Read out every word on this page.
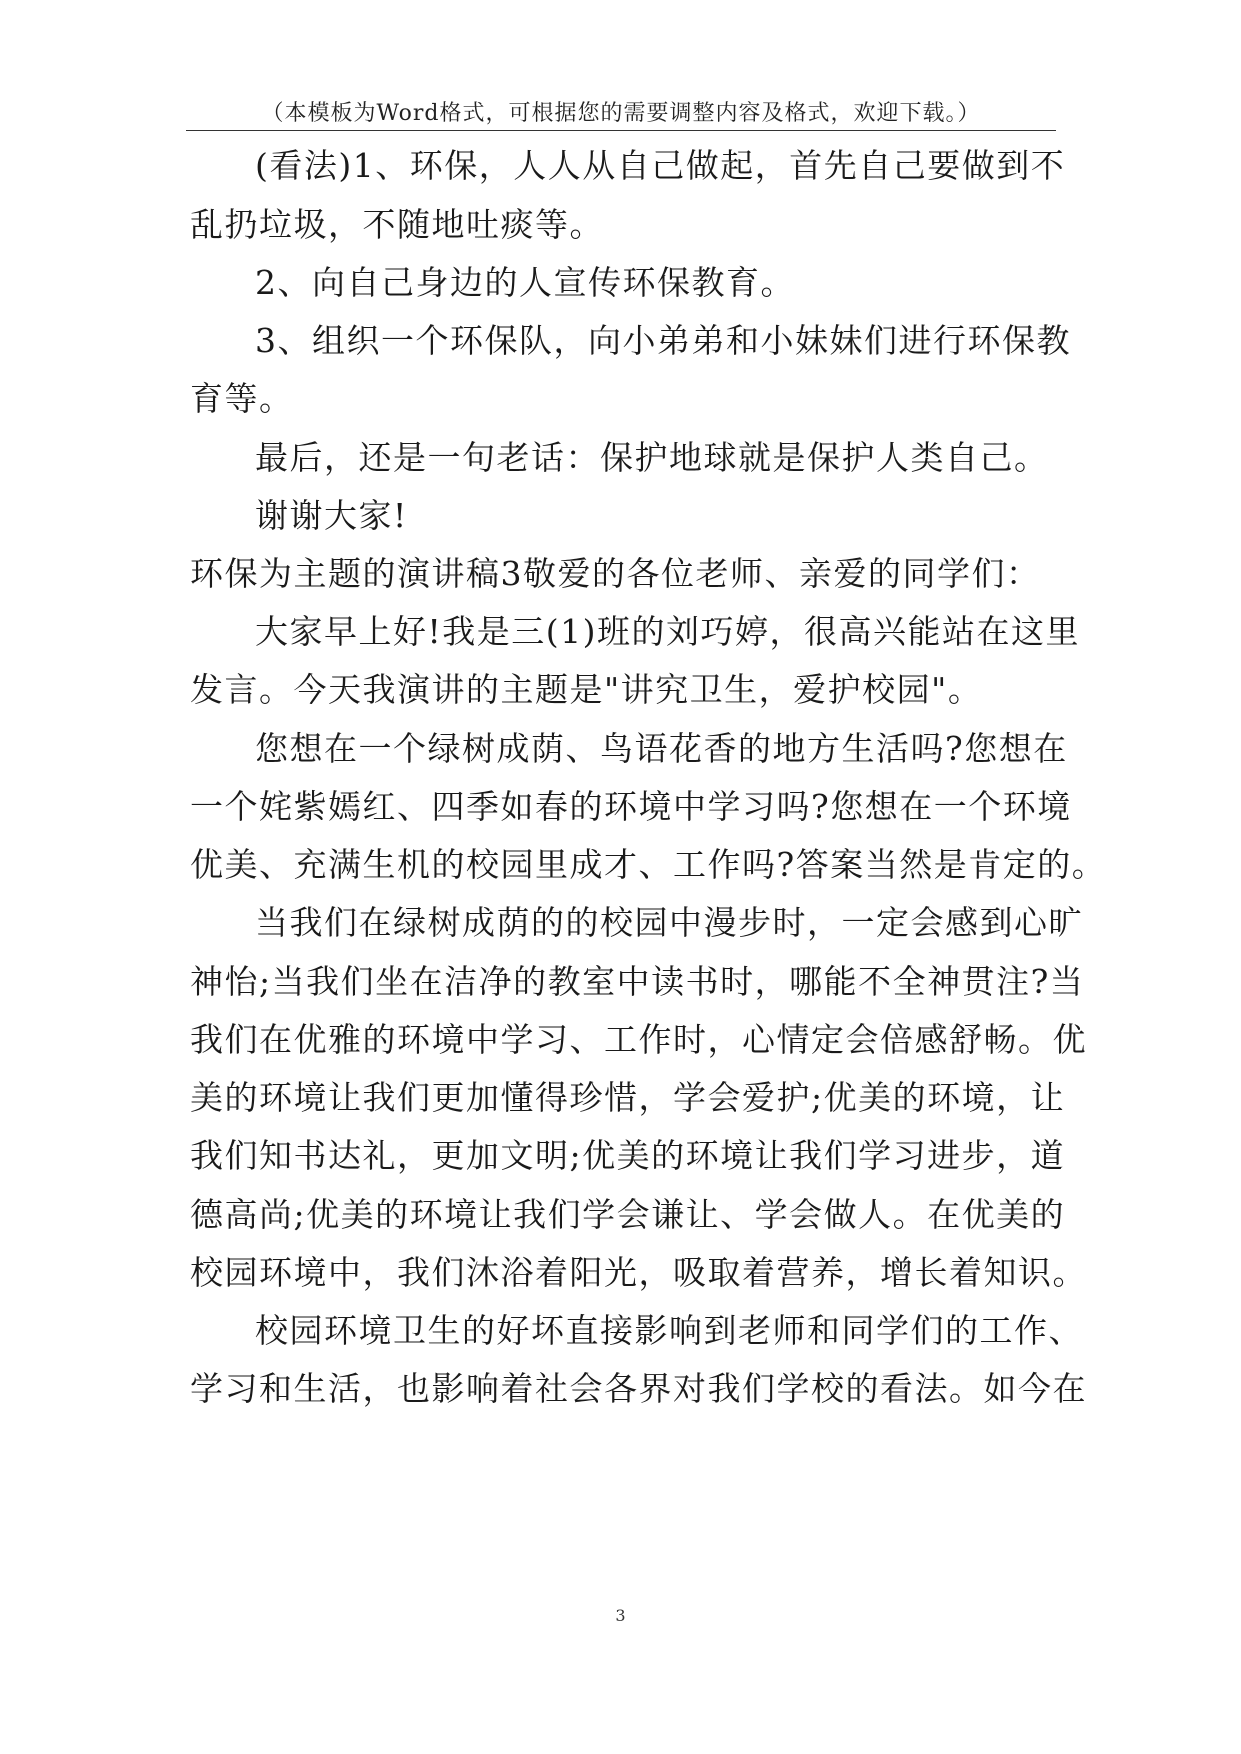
（本模板为Word格式，可根据您的需要调整内容及格式，欢迎下载。）
(看法)1、环保，人人从自己做起，首先自己要做到不
乱扔垃圾，不随地吐痰等。
2、向自己身边的人宣传环保教育。
3、组织一个环保队，向小弟弟和小妹妹们进行环保教
育等。
最后，还是一句老话：保护地球就是保护人类自己。
谢谢大家!
环保为主题的演讲稿3敬爱的各位老师、亲爱的同学们：
大家早上好!我是三(1)班的刘巧婷，很高兴能站在这里
发言。今天我演讲的主题是"讲究卫生，爱护校园"。
您想在一个绿树成荫、鸟语花香的地方生活吗?您想在
一个姹紫嫣红、四季如春的环境中学习吗?您想在一个环境
优美、充满生机的校园里成才、工作吗?答案当然是肯定的。
当我们在绿树成荫的的校园中漫步时，一定会感到心旷
神怡;当我们坐在洁净的教室中读书时，哪能不全神贯注?当
我们在优雅的环境中学习、工作时，心情定会倍感舒畅。优
美的环境让我们更加懂得珍惜，学会爱护;优美的环境，让
我们知书达礼，更加文明;优美的环境让我们学习进步，道
德高尚;优美的环境让我们学会谦让、学会做人。在优美的
校园环境中，我们沐浴着阳光，吸取着营养，增长着知识。
校园环境卫生的好坏直接影响到老师和同学们的工作、
学习和生活，也影响着社会各界对我们学校的看法。如今在
3
